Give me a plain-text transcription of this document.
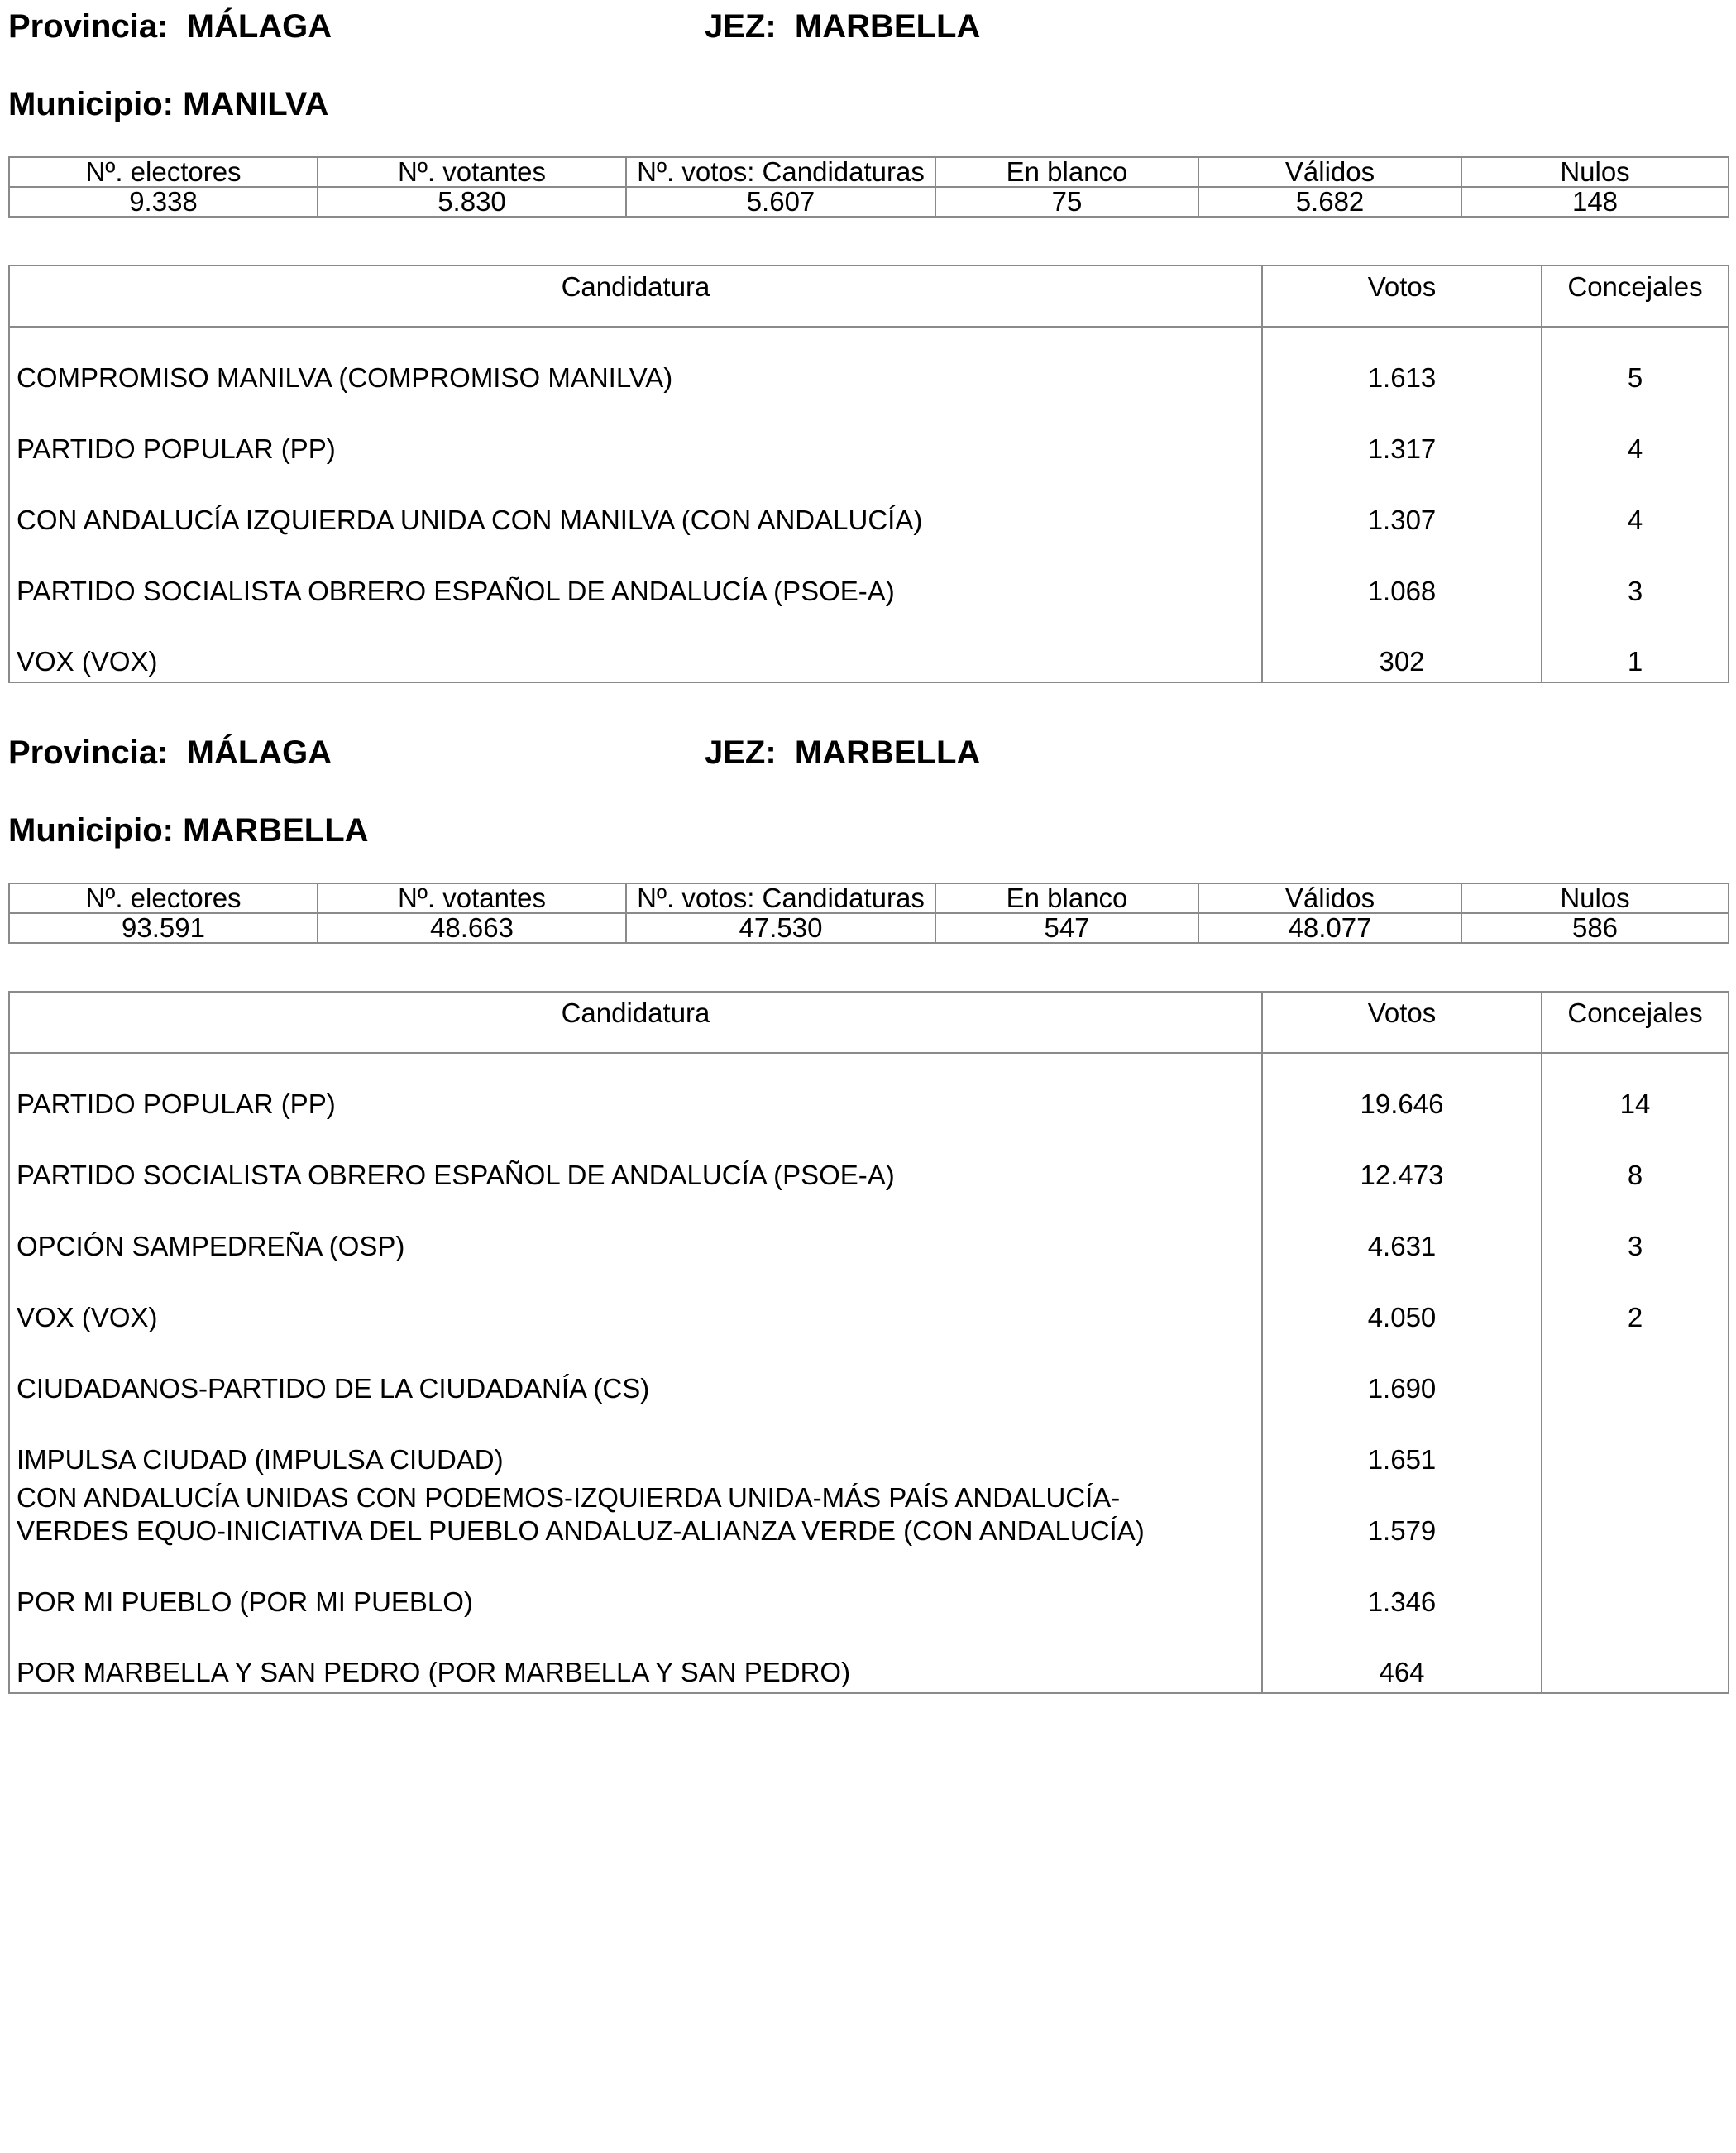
Provincia: MÁLAGA	JEZ: MARBELLA
Municipio: MANILVA
Nº. electores	Nº. votantes	Nº. votos: Candidaturas	En blanco	Válidos	Nulos
9.338	5.830	5.607	75	5.682	148
Candidatura	Votos	Concejales
COMPROMISO MANILVA (COMPROMISO MANILVA)	1.613	5
PARTIDO POPULAR (PP)	1.317	4
CON ANDALUCÍA IZQUIERDA UNIDA CON MANILVA (CON ANDALUCÍA)	1.307	4
PARTIDO SOCIALISTA OBRERO ESPAÑOL DE ANDALUCÍA (PSOE-A)	1.068	3
VOX (VOX)	302	1
Provincia: MÁLAGA	JEZ: MARBELLA
Municipio: MARBELLA
Nº. electores	Nº. votantes	Nº. votos: Candidaturas	En blanco	Válidos	Nulos
93.591	48.663	47.530	547	48.077	586
Candidatura	Votos	Concejales
PARTIDO POPULAR (PP)	19.646	14
PARTIDO SOCIALISTA OBRERO ESPAÑOL DE ANDALUCÍA (PSOE-A)	12.473	8
OPCIÓN SAMPEDREÑA (OSP)	4.631	3
VOX (VOX)	4.050	2
CIUDADANOS-PARTIDO DE LA CIUDADANÍA (CS)	1.690	
IMPULSA CIUDAD (IMPULSA CIUDAD)	1.651	
CON ANDALUCÍA UNIDAS CON PODEMOS-IZQUIERDA UNIDA-MÁS PAÍS ANDALUCÍA-
VERDES EQUO-INICIATIVA DEL PUEBLO ANDALUZ-ALIANZA VERDE (CON ANDALUCÍA)	1.579	
POR MI PUEBLO (POR MI PUEBLO)	1.346	
POR MARBELLA Y SAN PEDRO (POR MARBELLA Y SAN PEDRO)	464	
